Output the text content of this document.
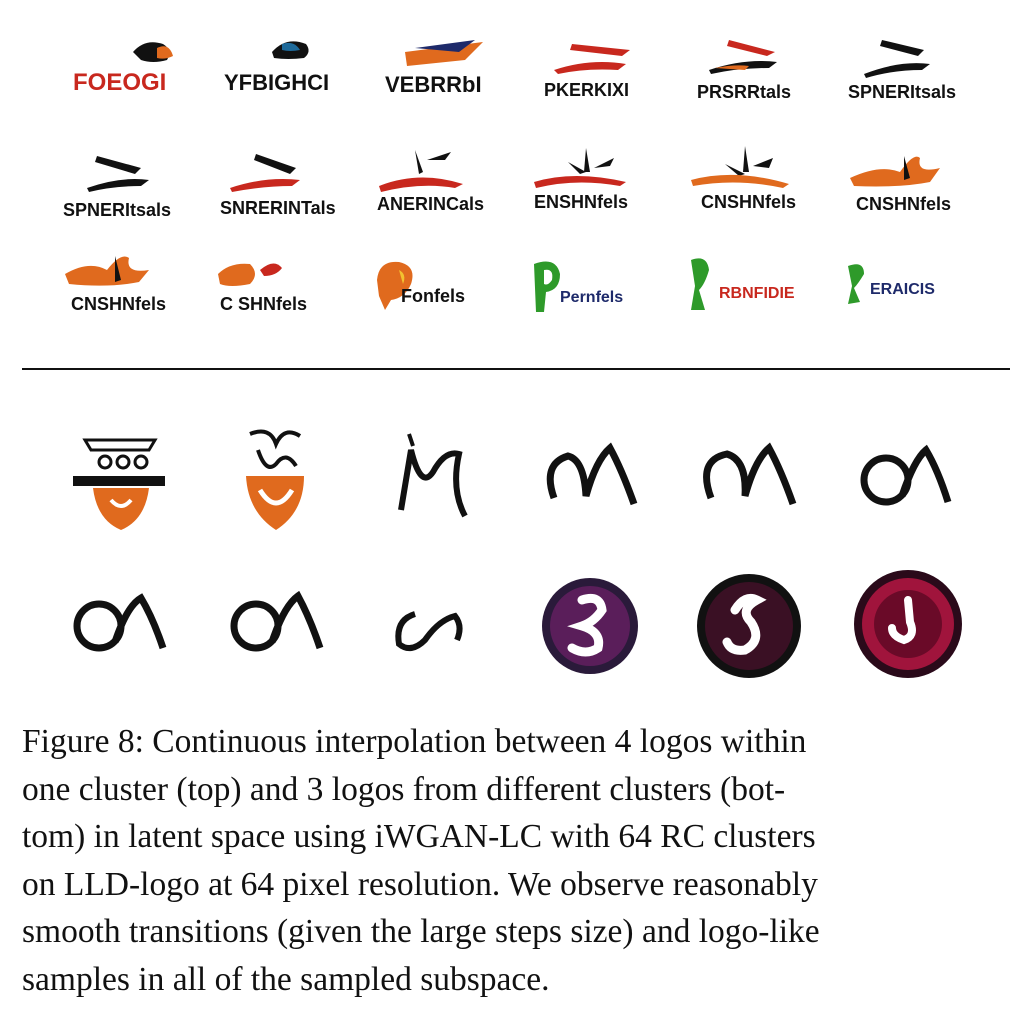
FOEOGI	YFBIGHCI	VEBRRbI	PKERKIXI	PRSRRtals	SPNERItsals
SPNERItsals	SNRERINTals ANERINCals	ENSHNfels	CNSHNfels	CNSHNfels
CNSHNfels	C SHNfels	Fonfels	Pernfels	RBNFIDIE	ERAICIS
Figure 8: Continuous interpolation between 4 logos within
one cluster (top) and 3 logos from different clusters (bot-
tom) in latent space using iWGAN-LC with 64 RC clusters
on LLD-logo at 64 pixel resolution. We observe reasonably
smooth transitions (given the large steps size) and logo-like
samples in all of the sampled subspace.
